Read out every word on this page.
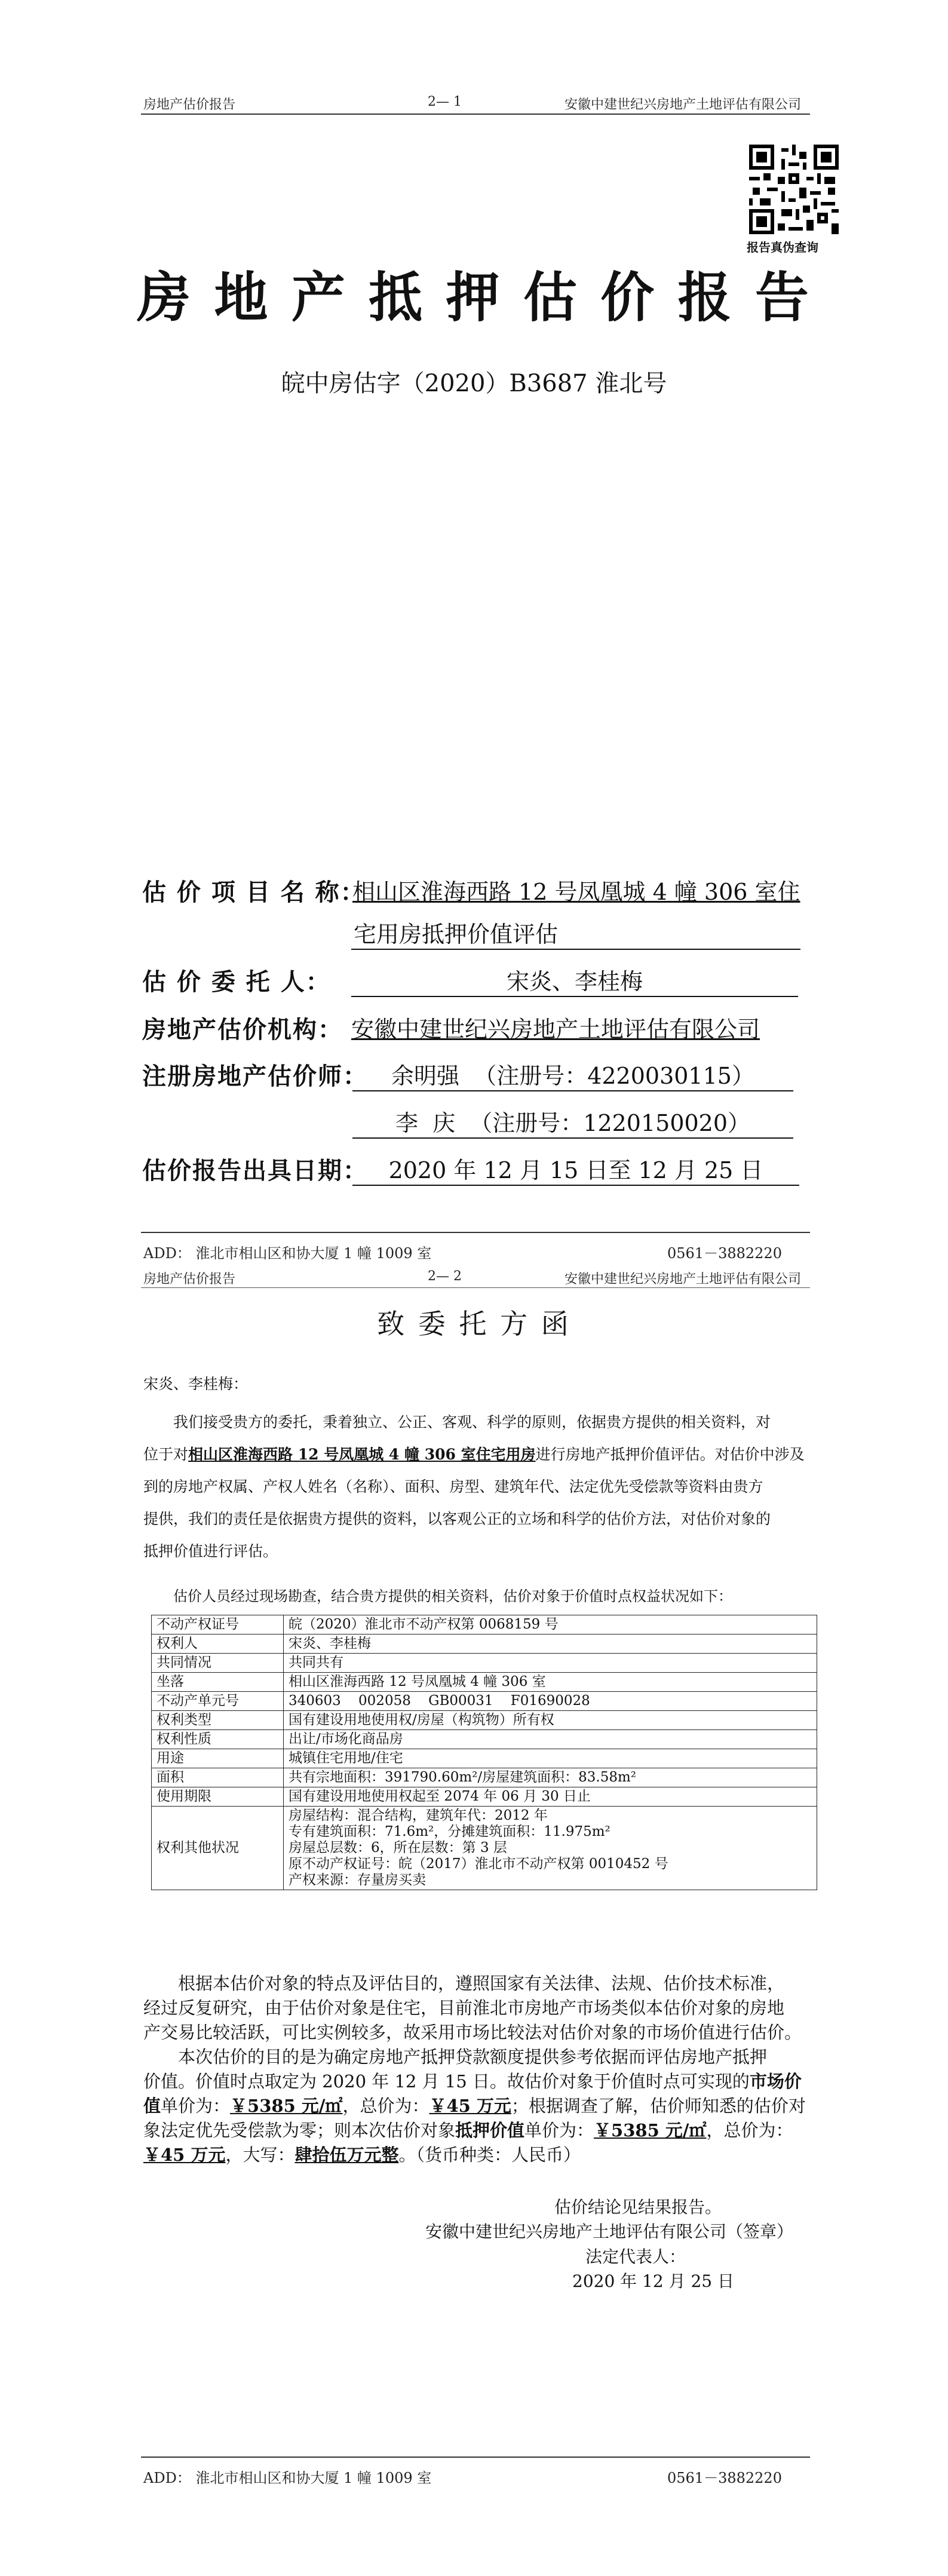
房地产估价报告	2— 1	安徽中建世纪兴房地产土地评估有限公司
报告真伪查询
房 地 产 抵 押 估 价 报 告
皖中房估字（2020）B3687 淮北号
估 价 项 目 名 称：
相山区淮海西路 12 号凤凰城 4 幢 306 室住
宅用房抵押价值评估
估 价 委 托 人：	宋炎、李桂梅
房地产估价机构： 安徽中建世纪兴房地产土地评估有限公司
注册房地产估价师：	余明强  （注册号：4220030115）
李  庆  （注册号：1220150020）
估价报告出具日期： 2020 年 12 月 15 日至 12 月 25 日
ADD： 淮北市相山区和协大厦 1 幢 1009 室	0561－3882220
房地产估价报告	2— 2	安徽中建世纪兴房地产土地评估有限公司
致 委 托 方 函
宋炎、李桂梅：
我们接受贵方的委托，秉着独立、公正、客观、科学的原则，依据贵方提供的相关资料，对
位于对相山区淮海西路 12 号凤凰城 4 幢 306 室住宅用房进行房地产抵押价值评估。对估价中涉及
到的房地产权属、产权人姓名（名称）、面积、房型、建筑年代、法定优先受偿款等资料由贵方
提供，我们的责任是依据贵方提供的资料，以客观公正的立场和科学的估价方法，对估价对象的
抵押价值进行评估。
估价人员经过现场勘查，结合贵方提供的相关资料，估价对象于价值时点权益状况如下：
不动产权证号	皖（2020）淮北市不动产权第 0068159 号
权利人	宋炎、李桂梅
共同情况	共同共有
坐落	相山区淮海西路 12 号凤凰城 4 幢 306 室
不动产单元号	340603    002058    GB00031    F01690028
权利类型	国有建设用地使用权/房屋（构筑物）所有权
权利性质	出让/市场化商品房
用途	城镇住宅用地/住宅
面积	共有宗地面积：391790.60m²/房屋建筑面积：83.58m²
使用期限	国有建设用地使用权起至 2074 年 06 月 30 日止
权利其他状况	房屋结构：混合结构，建筑年代：2012 年
专有建筑面积：71.6m²，分摊建筑面积：11.975m²
房屋总层数：6，所在层数：第 3 层
原不动产权证号：皖（2017）淮北市不动产权第 0010452 号
产权来源：存量房买卖
根据本估价对象的特点及评估目的，遵照国家有关法律、法规、估价技术标准，
经过反复研究，由于估价对象是住宅，目前淮北市房地产市场类似本估价对象的房地
产交易比较活跃，可比实例较多，故采用市场比较法对估价对象的市场价值进行估价。
本次估价的目的是为确定房地产抵押贷款额度提供参考依据而评估房地产抵押
价值。价值时点取定为 2020 年 12 月 15 日。故估价对象于价值时点可实现的市场价
值单价为：￥5385 元/㎡，总价为：￥45 万元；根据调查了解，估价师知悉的估价对
象法定优先受偿款为零；则本次估价对象抵押价值单价为：￥5385 元/㎡，总价为：
￥45 万元，大写：肆拾伍万元整。（货币种类：人民币）
估价结论见结果报告。
安徽中建世纪兴房地产土地评估有限公司（签章）
法定代表人：
2020 年 12 月 25 日
ADD： 淮北市相山区和协大厦 1 幢 1009 室	0561－3882220
